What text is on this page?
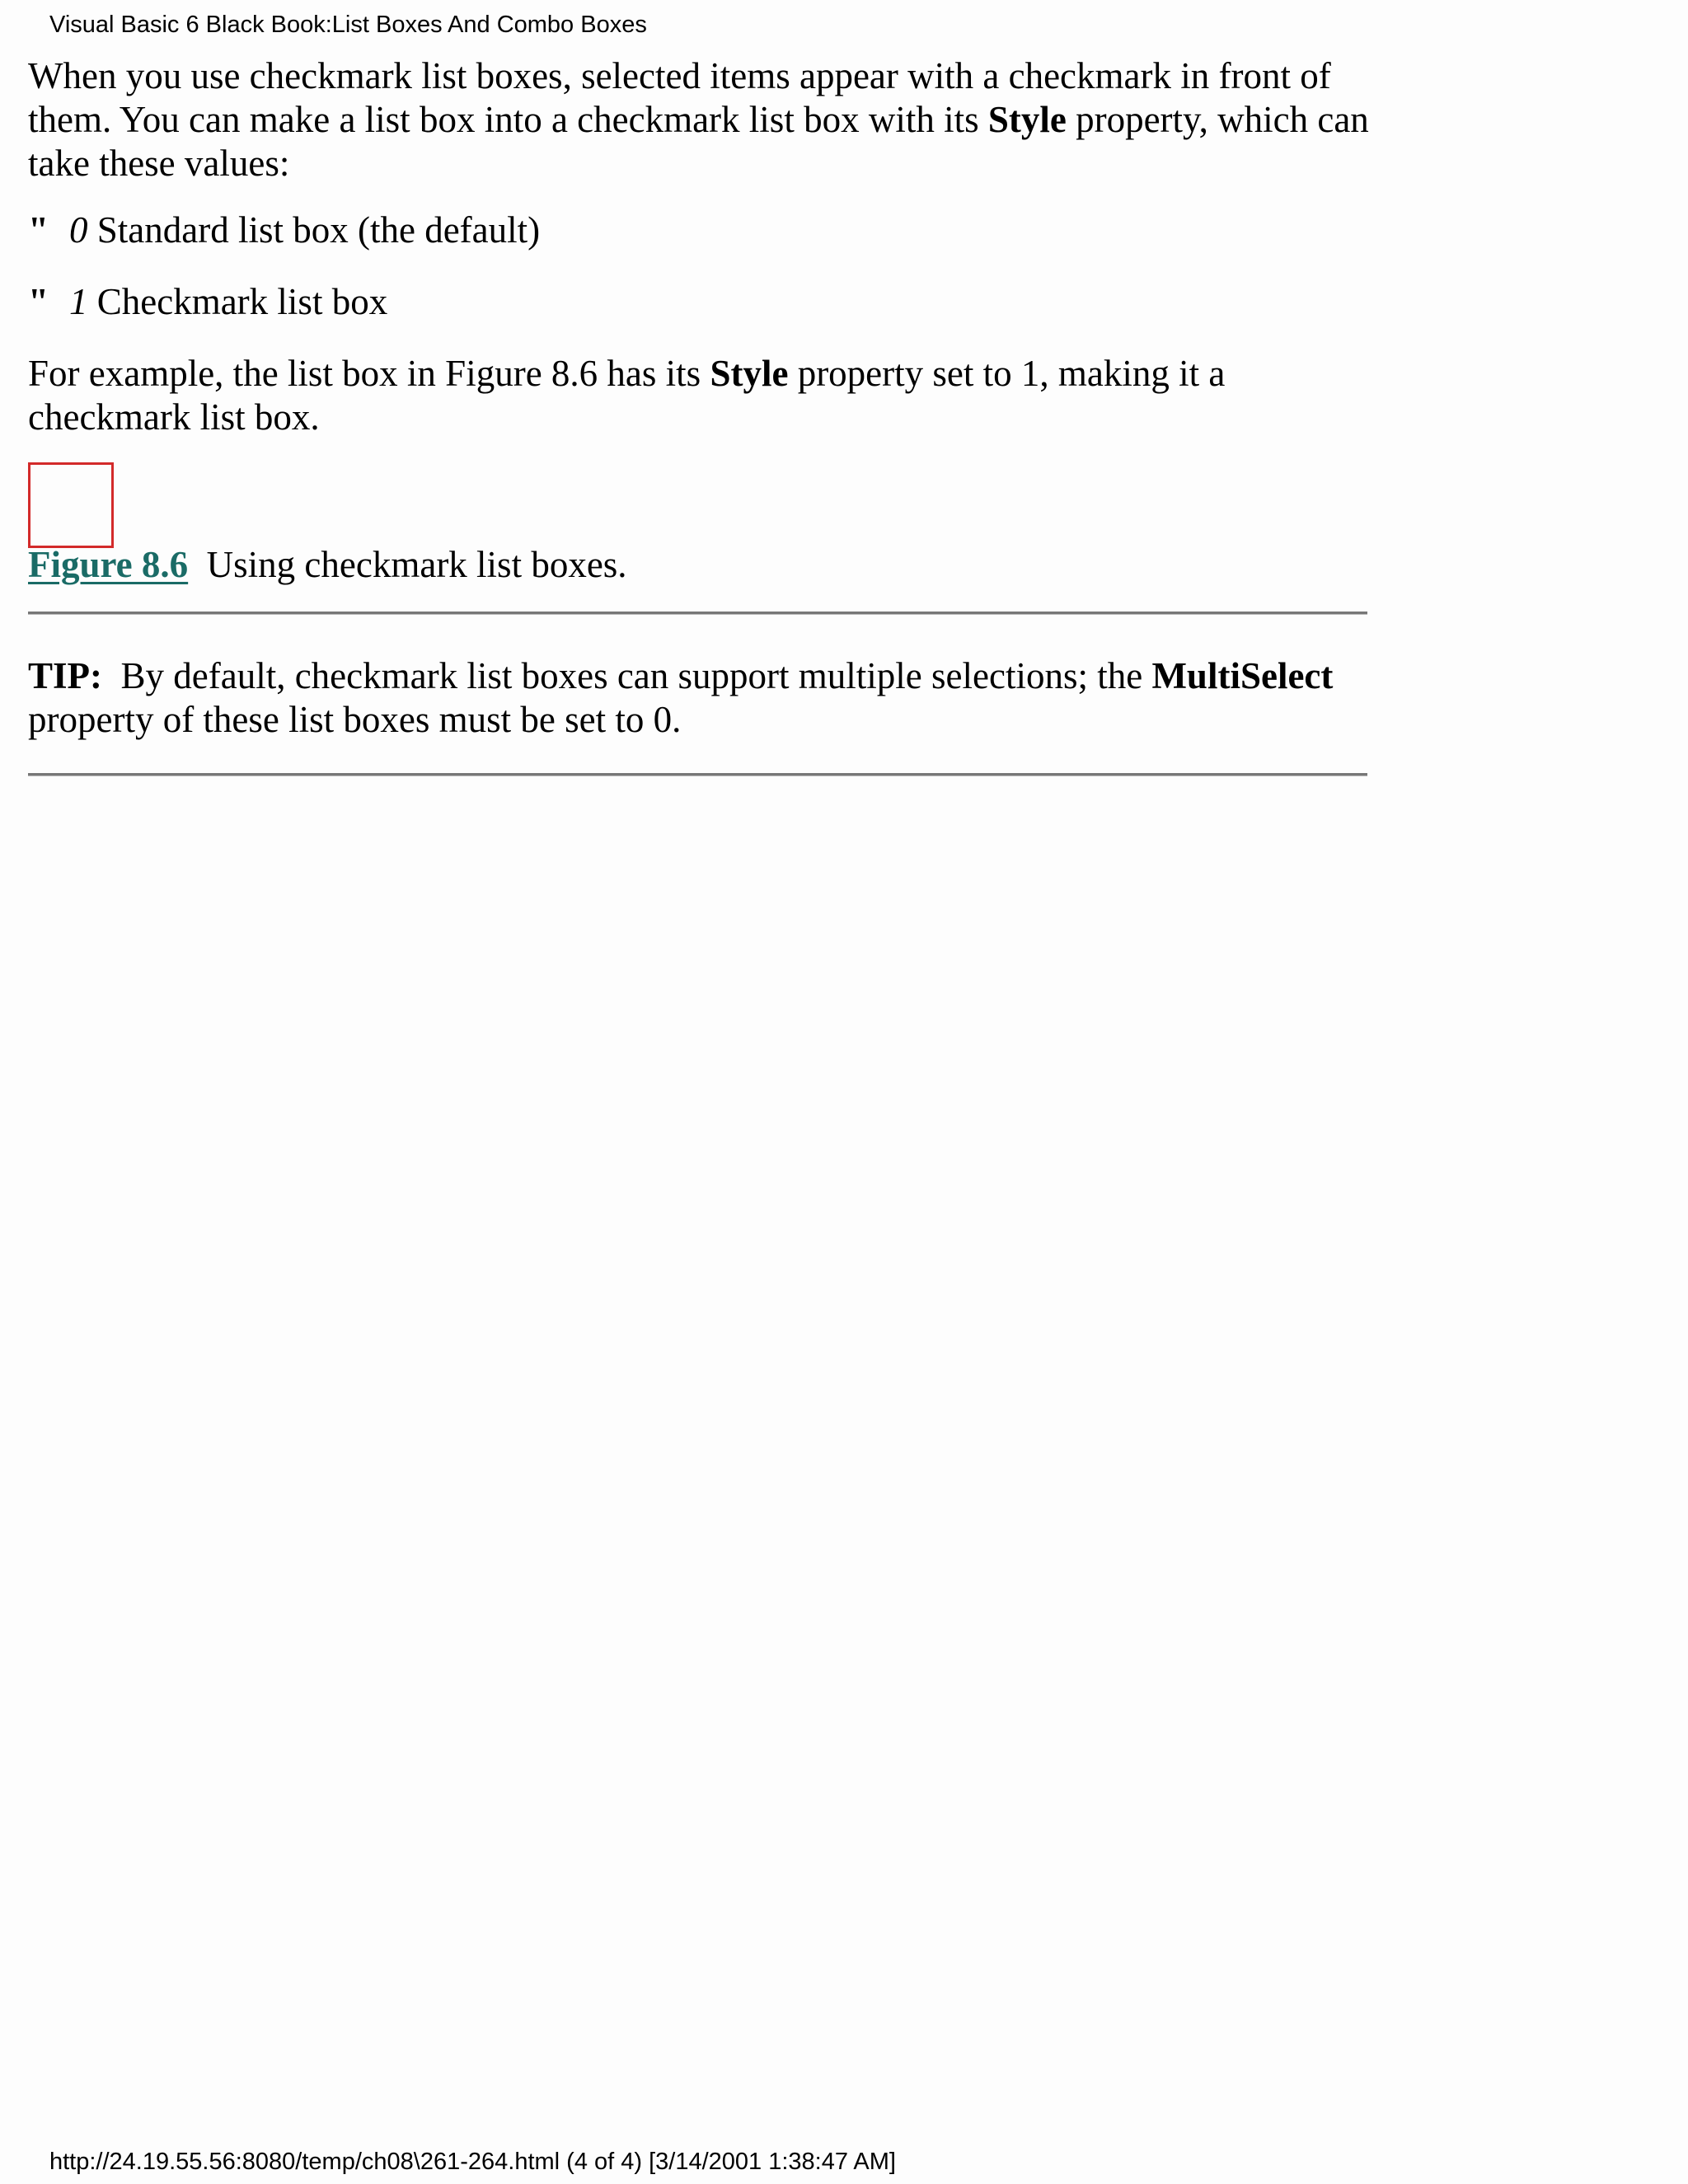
Visual Basic 6 Black Book:List Boxes And Combo Boxes

When you use checkmark list boxes, selected items appear with a checkmark in front of them. You can make a list box into a checkmark list box with its Style property, which can take these values:

" 0 Standard list box (the default)
" 1 Checkmark list box

For example, the list box in Figure 8.6 has its Style property set to 1, making it a checkmark list box.

Figure 8.6 Using checkmark list boxes.

TIP: By default, checkmark list boxes can support multiple selections; the MultiSelect property of these list boxes must be set to 0.

http://24.19.55.56:8080/temp/ch08\261-264.html (4 of 4) [3/14/2001 1:38:47 AM]
